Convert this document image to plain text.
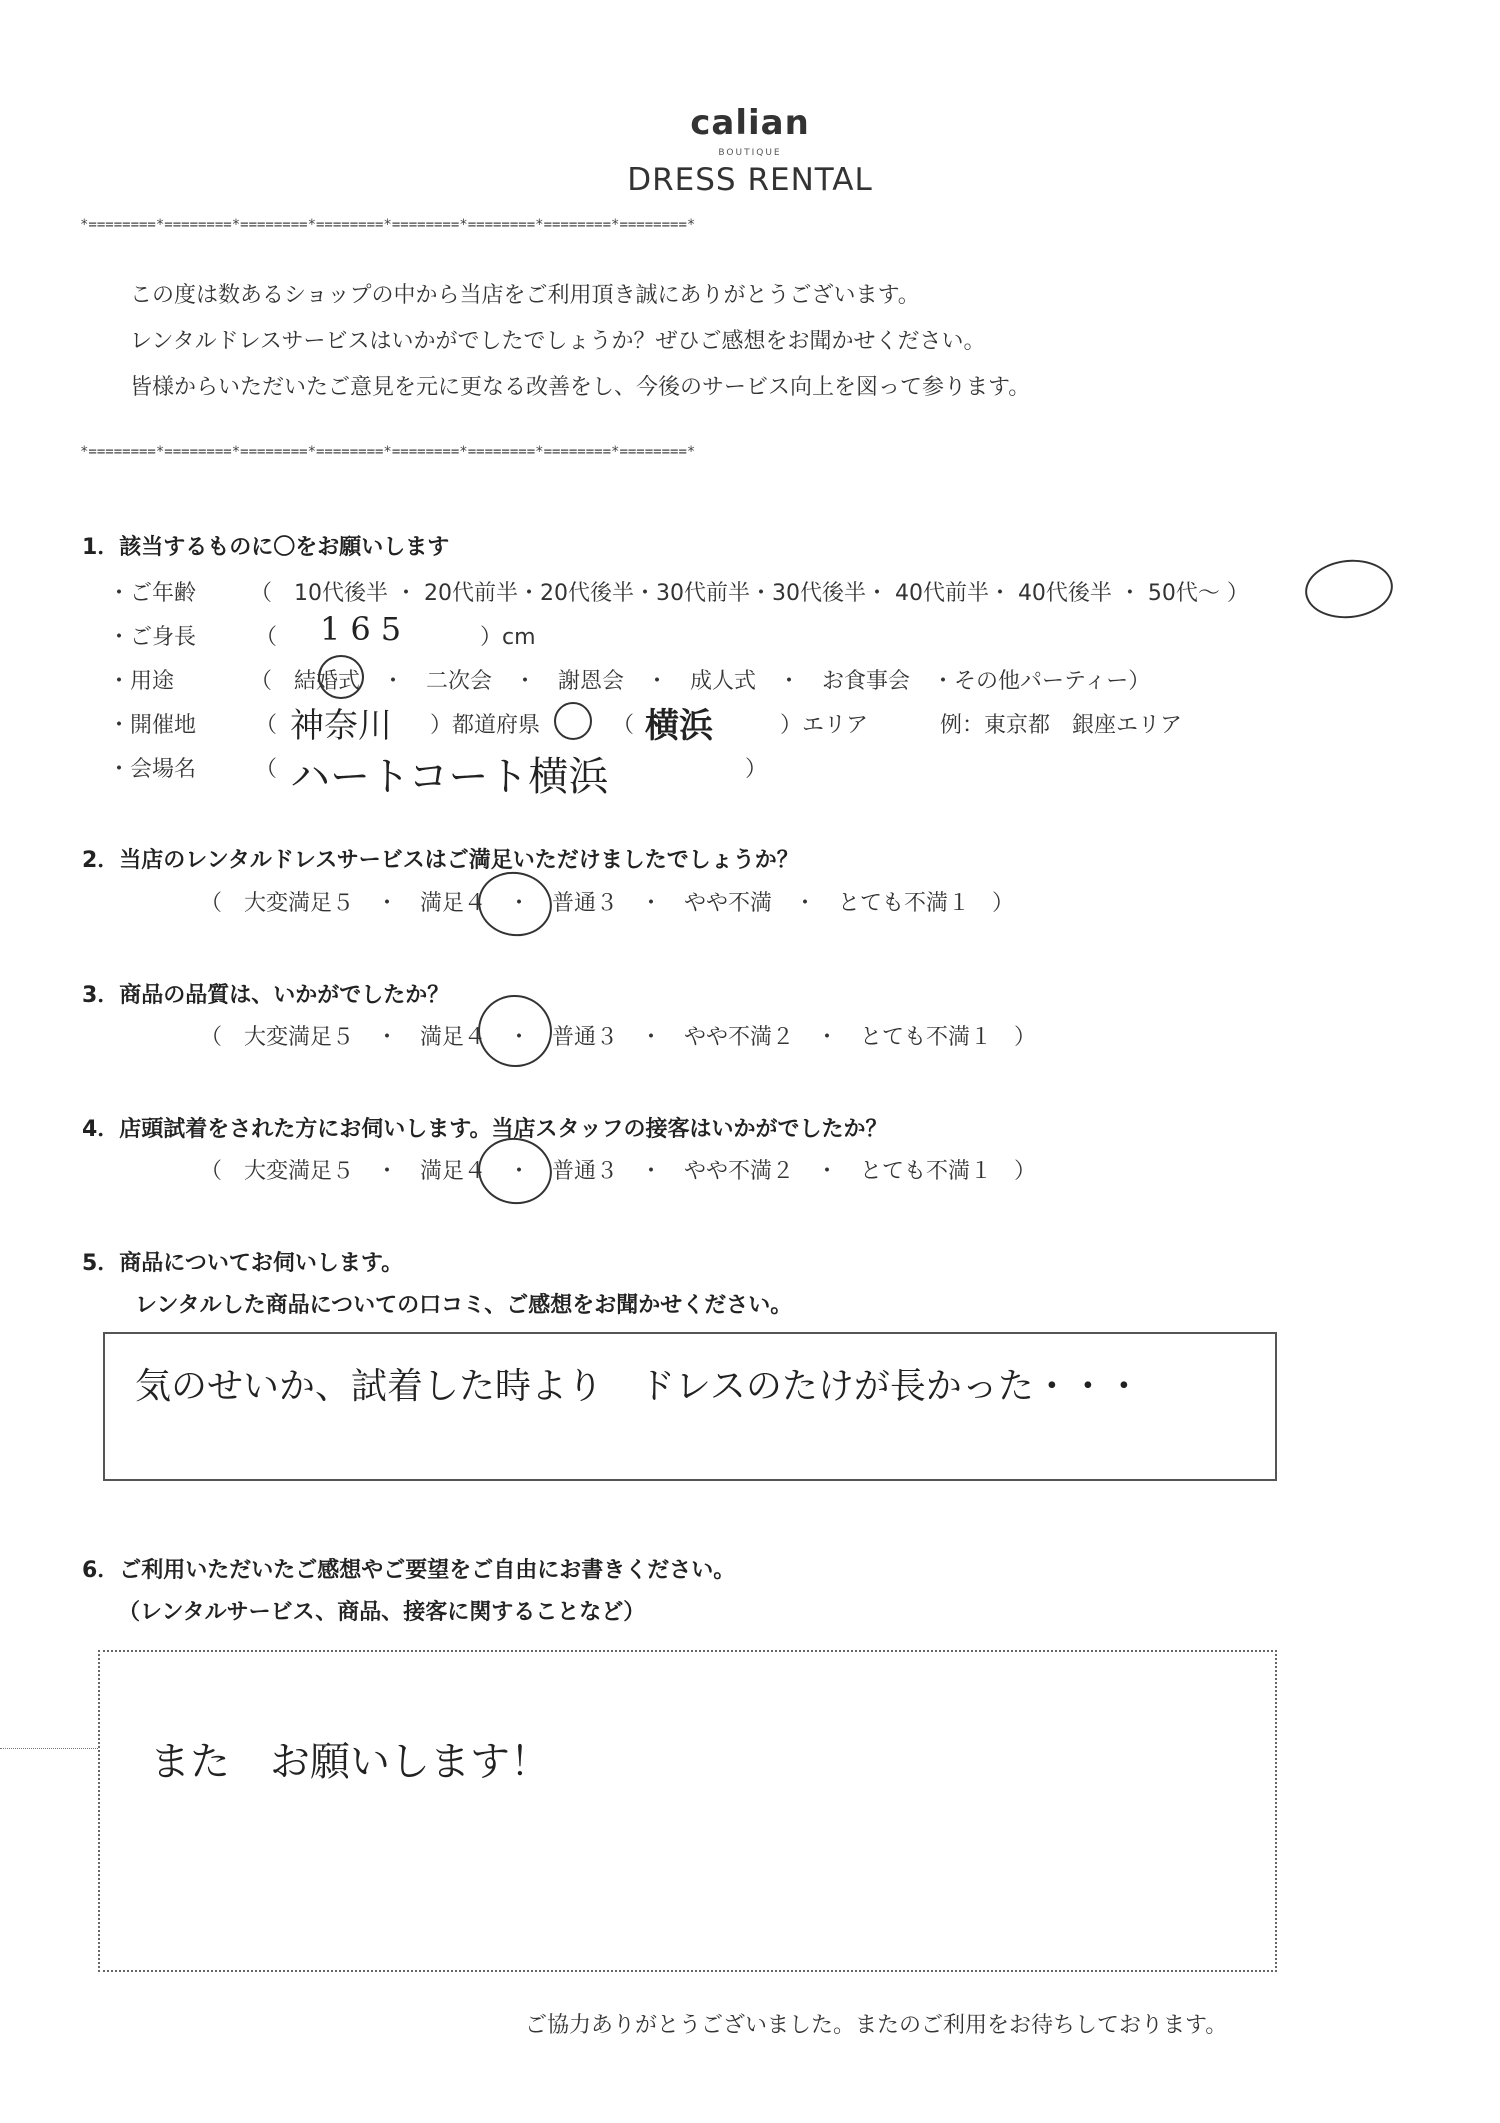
calian
BOUTIQUE
DRESS RENTAL
*========*========*========*========*========*========*========*========*
この度は数あるショップの中から当店をご利用頂き誠にありがとうございます。
レンタルドレスサービスはいかがでしたでしょうか？ぜひご感想をお聞かせください。
皆様からいただいたご意見を元に更なる改善をし、今後のサービス向上を図って参ります。
*========*========*========*========*========*========*========*========*
1．該当するものに〇をお願いします
・ご年齢 （　10代後半 ・ 20代前半・20代後半・30代前半・30代後半・ 40代前半・ 40代後半 ・ 50代～ ）
・ご身長	（ 165	）cm
・用途	（　結婚式　・　二次会　・　謝恩会　・　成人式　・　お食事会　・その他パーティー）
・開催地	（ 神奈川 ）都道府県	（ 横浜	）エリア	例：東京都　銀座エリア
・会場名	（ ハートコート横浜	）
2．当店のレンタルドレスサービスはご満足いただけましたでしょうか？
（　大変満足５　・　満足４　・　普通３　・　やや不満　・　とても不満１　）
3．商品の品質は、いかがでしたか？
（　大変満足５　・　満足４　・　普通３　・　やや不満２　・　とても不満１　）
4．店頭試着をされた方にお伺いします。当店スタッフの接客はいかがでしたか？
（　大変満足５　・　満足４　・　普通３　・　やや不満２　・　とても不満１　）
5．商品についてお伺いします。
レンタルした商品についての口コミ、ご感想をお聞かせください。
気のせいか、試着した時より　ドレスのたけが長かった・・・
6．ご利用いただいたご感想やご要望をご自由にお書きください。
（レンタルサービス、商品、接客に関することなど）
また　お願いします！
ご協力ありがとうございました。またのご利用をお待ちしております。
